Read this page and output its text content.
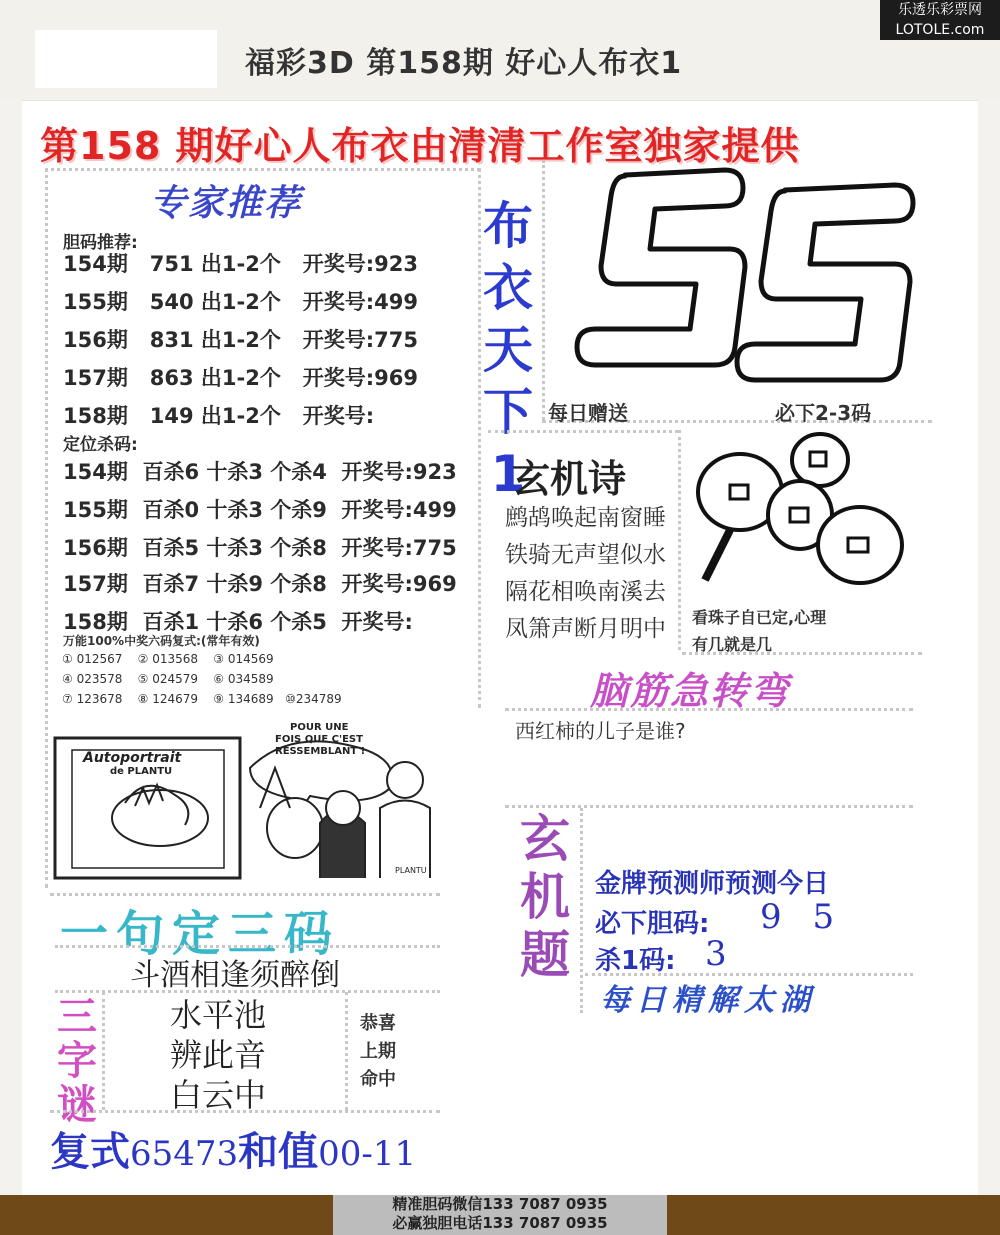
福彩3D 第158期 好心人布衣1
乐透乐彩票网
LOTOLE.com
第158 期好心人布衣由清清工作室独家提供
专家推荐
胆码推荐:
154期   751 出1-2个   开奖号:923
155期   540 出1-2个   开奖号:499
156期   831 出1-2个   开奖号:775
157期   863 出1-2个   开奖号:969
158期   149 出1-2个   开奖号:
定位杀码:
154期  百杀6 十杀3 个杀4  开奖号:923
155期  百杀0 十杀3 个杀9  开奖号:499
156期  百杀5 十杀3 个杀8  开奖号:775
157期  百杀7 十杀9 个杀8  开奖号:969
158期  百杀1 十杀6 个杀5  开奖号:
万能100%中奖六码复式:(常年有效)
① 012567    ② 013568    ③ 014569
④ 023578    ⑤ 024579    ⑥ 034589
⑦ 123678    ⑧ 124679    ⑨ 134689   ⑩234789
Autoportrait
de PLANTU
POUR UNE
FOIS QUE C'EST
RESSEMBLANT !
PLANTU
布
衣
天
下
1
每日赠送	必下2-3码
玄机诗
鹧鸪唤起南窗睡
铁骑无声望似水
隔花相唤南溪去
凤箫声断月明中 看珠子自已定,心理
有几就是几
脑筋急转弯
西红柿的儿子是谁?
玄
机
题
金牌预测师预测今日
必下胆码: 9 5
杀1码: 3
每日精解太湖
一句定三码
斗酒相逢须醉倒
三
字
谜
水平池
辨此音
白云中
恭喜
上期
命中
复式65473和值00-11
精准胆码微信133 7087 0935
必赢独胆电话133 7087 0935
